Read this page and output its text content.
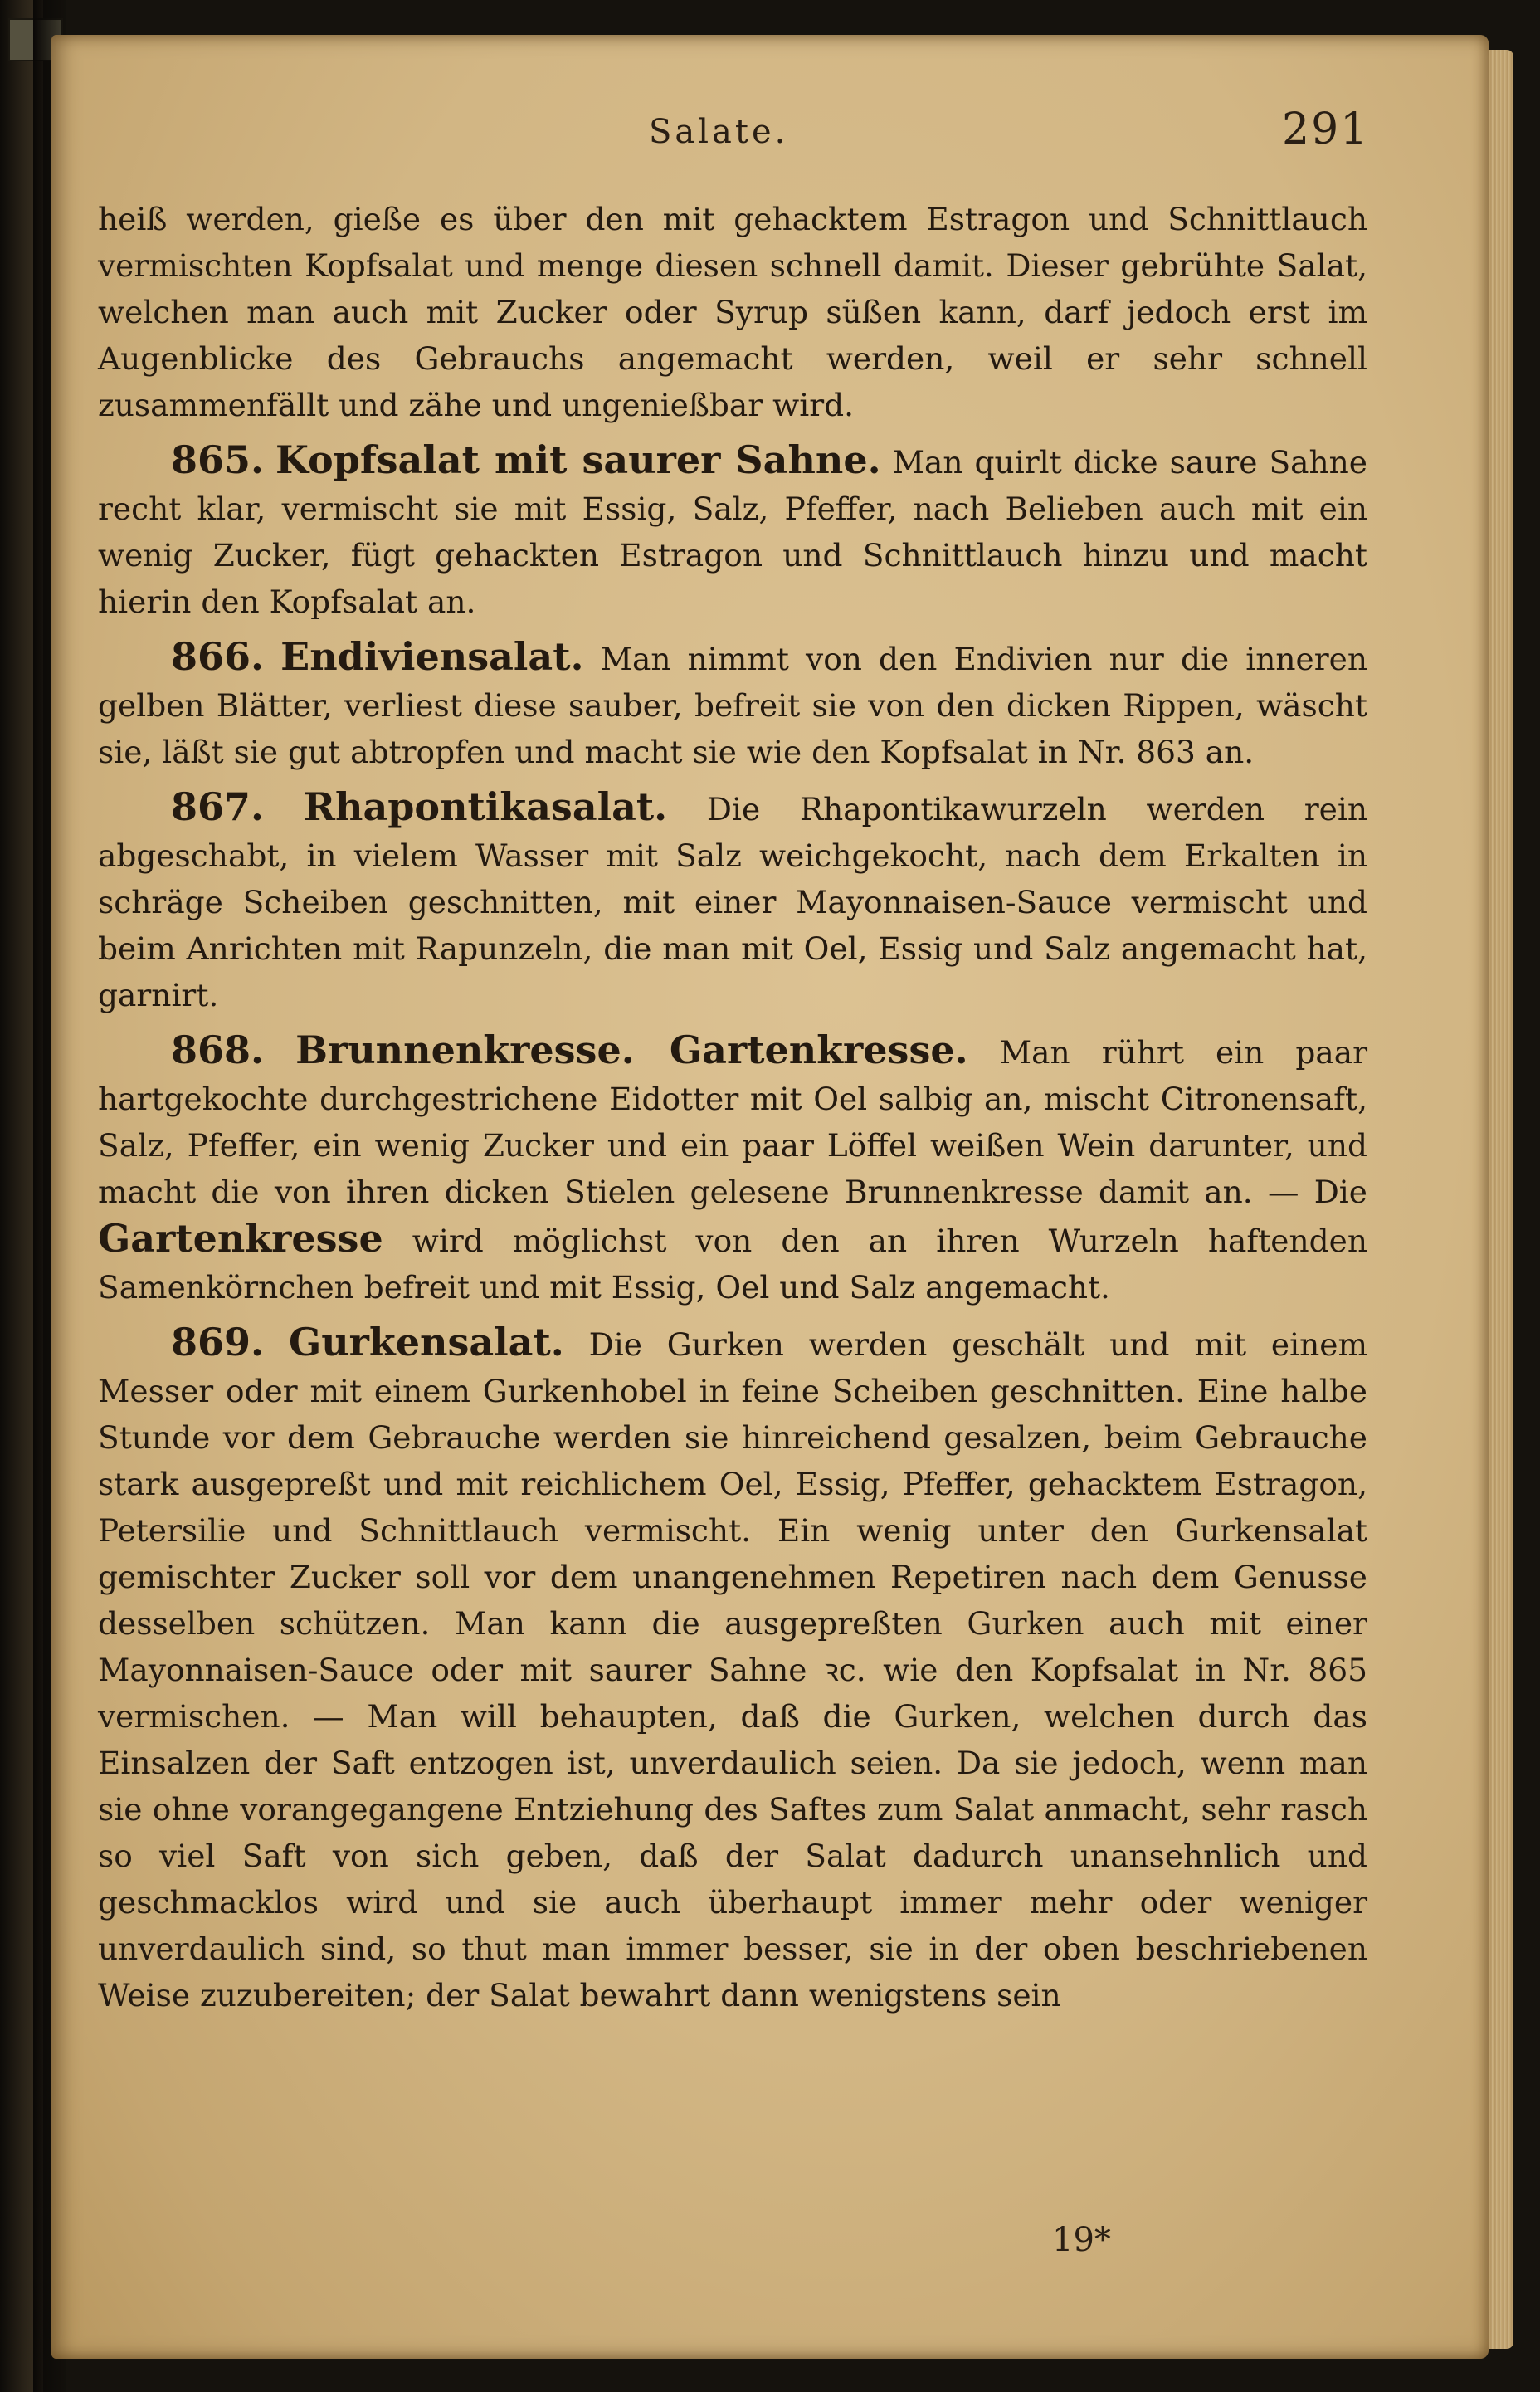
Salate.	291

heiß werden, gieße es über den mit gehacktem Estragon und Schnittlauch vermischten Kopfsalat und menge diesen schnell damit. Dieser gebrühte Salat, welchen man auch mit Zucker oder Syrup süßen kann, darf jedoch erst im Augenblicke des Gebrauchs angemacht werden, weil er sehr schnell zusammenfällt und zähe und ungenießbar wird.

865. Kopfsalat mit saurer Sahne. Man quirlt dicke saure Sahne recht klar, vermischt sie mit Essig, Salz, Pfeffer, nach Belieben auch mit ein wenig Zucker, fügt gehackten Estragon und Schnittlauch hinzu und macht hierin den Kopfsalat an.

866. Endiviensalat. Man nimmt von den Endivien nur die inneren gelben Blätter, verliest diese sauber, befreit sie von den dicken Rippen, wäscht sie, läßt sie gut abtropfen und macht sie wie den Kopfsalat in Nr. 863 an.

867. Rhapontikasalat. Die Rhapontikawurzeln werden rein abgeschabt, in vielem Wasser mit Salz weichgekocht, nach dem Erkalten in schräge Scheiben geschnitten, mit einer Mayonnaisen-Sauce vermischt und beim Anrichten mit Rapunzeln, die man mit Oel, Essig und Salz angemacht hat, garnirt.

868. Brunnenkresse. Gartenkresse. Man rührt ein paar hartgekochte durchgestrichene Eidotter mit Oel salbig an, mischt Citronensaft, Salz, Pfeffer, ein wenig Zucker und ein paar Löffel weißen Wein darunter, und macht die von ihren dicken Stielen gelesene Brunnenkresse damit an. — Die Gartenkresse wird möglichst von den an ihren Wurzeln haftenden Samenkörnchen befreit und mit Essig, Oel und Salz angemacht.

869. Gurkensalat. Die Gurken werden geschält und mit einem Messer oder mit einem Gurkenhobel in feine Scheiben geschnitten. Eine halbe Stunde vor dem Gebrauche werden sie hinreichend gesalzen, beim Gebrauche stark ausgepreßt und mit reichlichem Oel, Essig, Pfeffer, gehacktem Estragon, Petersilie und Schnittlauch vermischt. Ein wenig unter den Gurkensalat gemischter Zucker soll vor dem unangenehmen Repetiren nach dem Genusse desselben schützen. Man kann die ausgepreßten Gurken auch mit einer Mayonnaisen-Sauce oder mit saurer Sahne ꝛc. wie den Kopfsalat in Nr. 865 vermischen. — Man will behaupten, daß die Gurken, welchen durch das Einsalzen der Saft entzogen ist, unverdaulich seien. Da sie jedoch, wenn man sie ohne vorangegangene Entziehung des Saftes zum Salat anmacht, sehr rasch so viel Saft von sich geben, daß der Salat dadurch unansehnlich und geschmacklos wird und sie auch überhaupt immer mehr oder weniger unverdaulich sind, so thut man immer besser, sie in der oben beschriebenen Weise zuzubereiten; der Salat bewahrt dann wenigstens sein

19*
